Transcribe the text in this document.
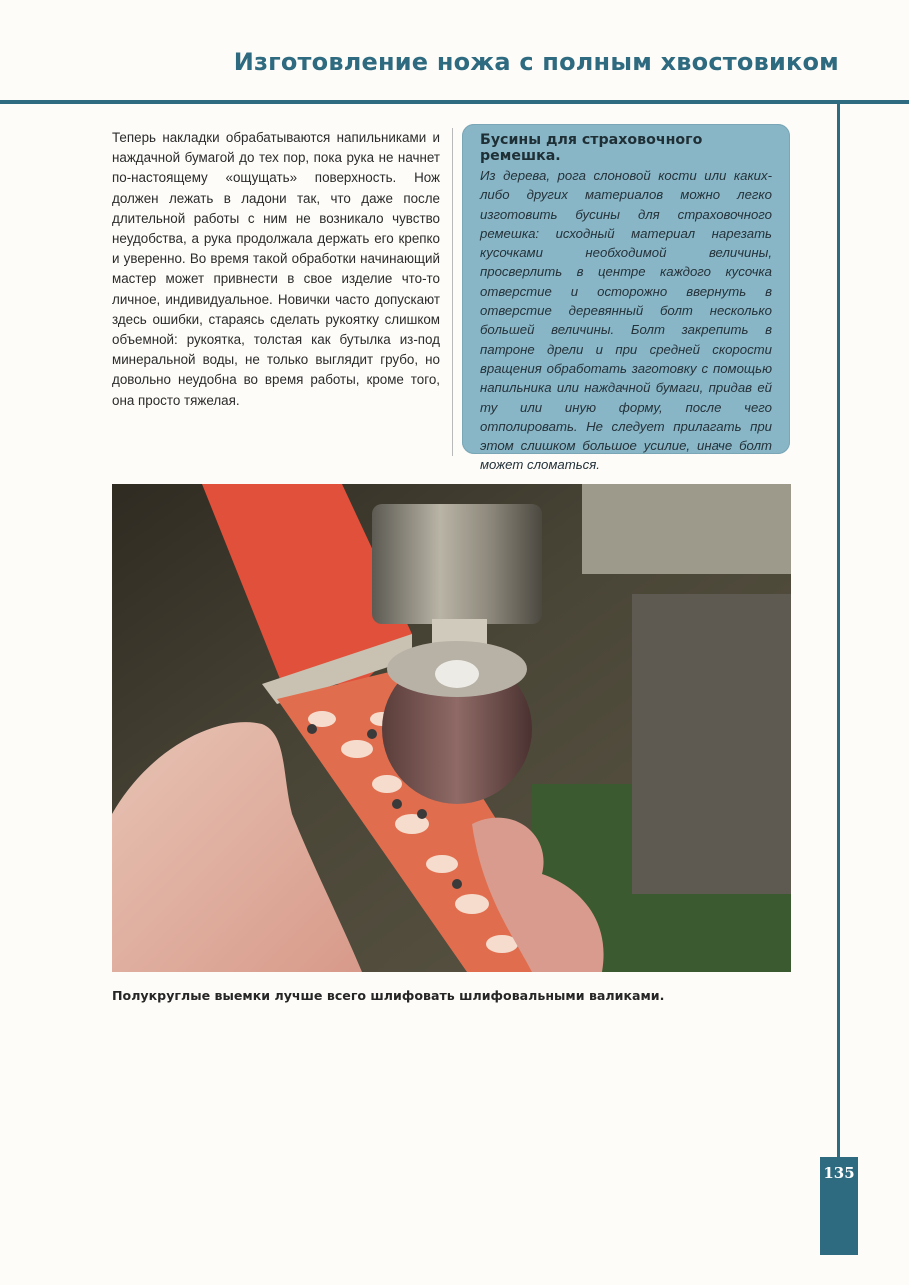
Изготовление ножа с полным хвостовиком

Теперь накладки обрабатываются напильниками и наждачной бумагой до тех пор, пока рука не начнет по-настоящему «ощущать» поверхность. Нож должен лежать в ладони так, что даже после длительной работы с ним не возникало чувство неудобства, а рука продолжала держать его крепко и уверенно. Во время такой обработки начинающий мастер может привнести в свое изделие что-то личное, индивидуальное. Новички часто допускают здесь ошибки, стараясь сделать рукоятку слишком объемной: рукоятка, толстая как бутылка из-под минеральной воды, не только выглядит грубо, но довольно неудобна во время работы, кроме того, она просто тяжелая.

Бусины для страховочного ремешка.

Из дерева, рога слоновой кости или каких-либо других материалов можно легко изготовить бусины для страховочного ремешка: исходный материал нарезать кусочками необходимой величины, просверлить в центре каждого кусочка отверстие и осторожно ввернуть в отверстие деревянный болт несколько большей величины. Болт закрепить в патроне дрели и при средней скорости вращения обработать заготовку с помощью напильника или наждачной бумаги, придав ей ту или иную форму, после чего отполировать. Не следует прилагать при этом слишком большое усилие, иначе болт может сломаться.

Полукруглые выемки лучше всего шлифовать шлифовальными валиками.
135
